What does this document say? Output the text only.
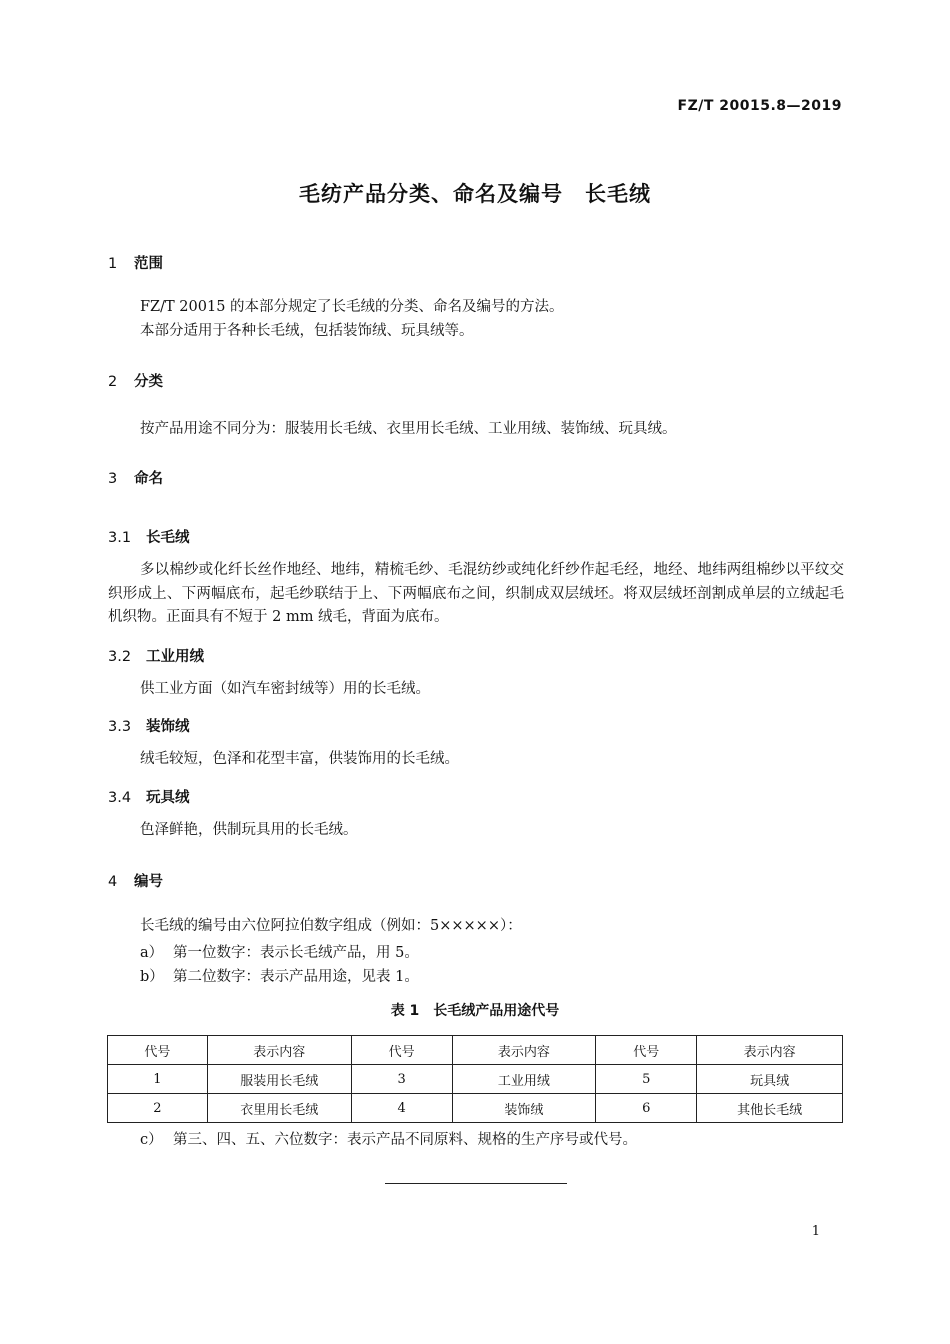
FZ/T 20015.8—2019
毛纺产品分类、命名及编号　长毛绒
1 范围
FZ/T 20015 的本部分规定了长毛绒的分类、命名及编号的方法。
本部分适用于各种长毛绒，包括装饰绒、玩具绒等。
2 分类
按产品用途不同分为：服装用长毛绒、衣里用长毛绒、工业用绒、装饰绒、玩具绒。
3 命名
3.1 长毛绒
多以棉纱或化纤长丝作地经、地纬，精梳毛纱、毛混纺纱或纯化纤纱作起毛经，地经、地纬两组棉纱以平纹交织形成上、下两幅底布，起毛纱联结于上、下两幅底布之间，织制成双层绒坯。将双层绒坯剖割成单层的立绒起毛机织物。正面具有不短于 2 mm 绒毛，背面为底布。
3.2 工业用绒
供工业方面（如汽车密封绒等）用的长毛绒。
3.3 装饰绒
绒毛较短，色泽和花型丰富，供装饰用的长毛绒。
3.4 玩具绒
色泽鲜艳，供制玩具用的长毛绒。
4 编号
长毛绒的编号由六位阿拉伯数字组成（例如：5×××××）：
a） 第一位数字：表示长毛绒产品，用 5。
b） 第二位数字：表示产品用途，见表 1。
表 1　长毛绒产品用途代号
代号	表示内容	代号	表示内容	代号	表示内容
1	服装用长毛绒	3	工业用绒	5	玩具绒
2	衣里用长毛绒	4	装饰绒	6	其他长毛绒
c） 第三、四、五、六位数字：表示产品不同原料、规格的生产序号或代号。
1
